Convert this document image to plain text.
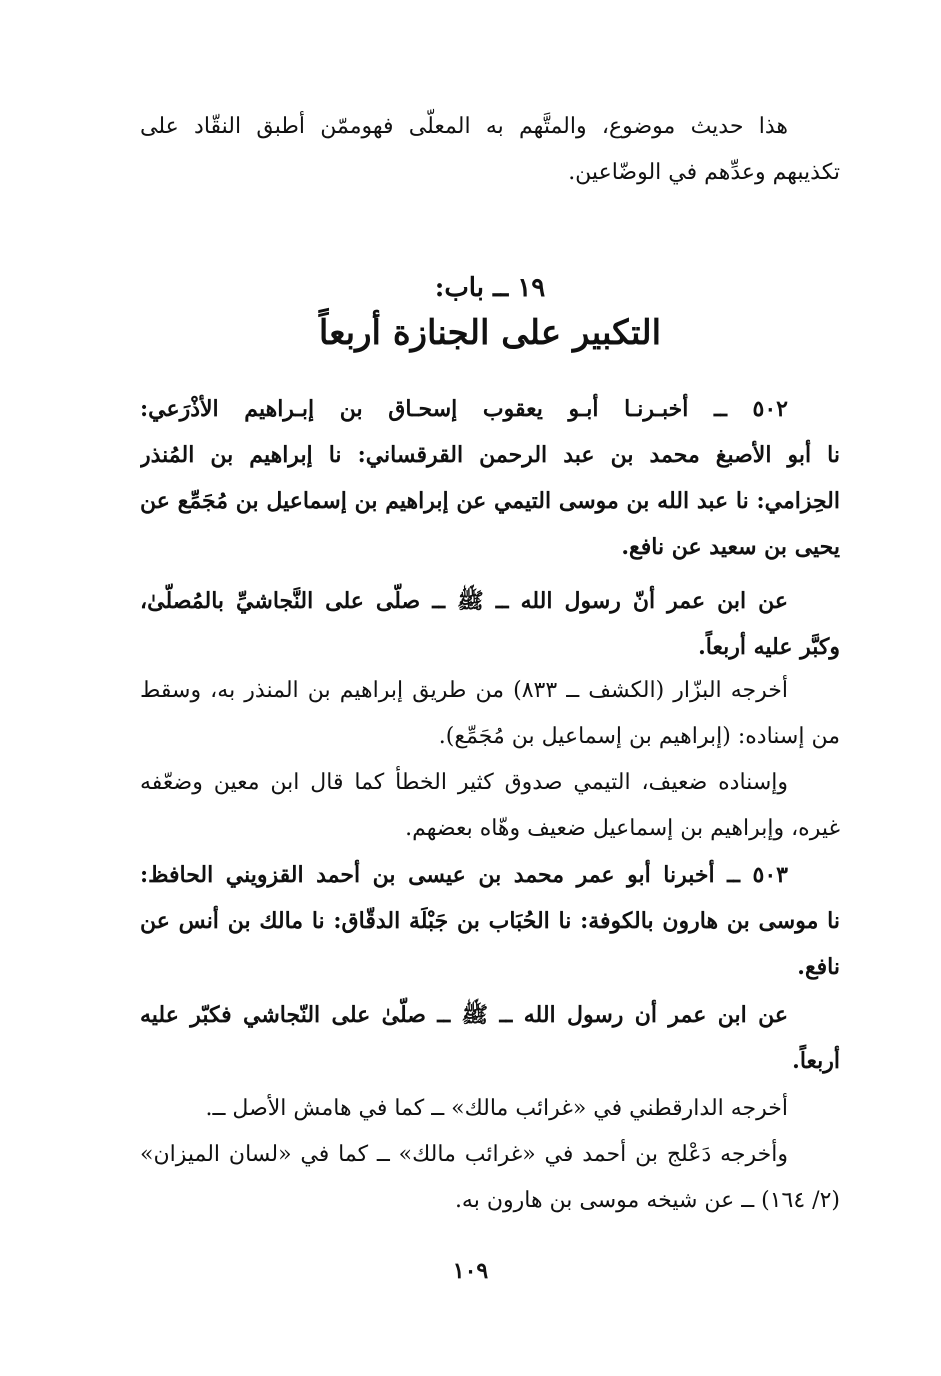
هذا حديث موضوع، والمتَّهم به المعلّى فهوممّن أطبق النقّاد على
تكذيبهم وعدِّهم في الوضّاعين.
١٩ ــ باب:
التكبير على الجنازة أربعاً
٥٠٢ ــ أخبـرنـا أبـو يعقوب إسحـاق بن إبـراهيم الأذْرَعي:
نا أبو الأصبغ محمد بن عبد الرحمن القرقساني: نا إبراهيم بن المُنذر
الحِزامي: نا عبد الله بن موسى التيمي عن إبراهيم بن إسماعيل بن مُجَمِّع عن
يحيى بن سعيد عن نافع.
عن ابن عمر أنّ رسول الله ــ ﷺ ــ صلّى على النَّجاشيِّ بالمُصلّىٰ،
وكبَّر عليه أربعاً.
أخرجه البزّار (الكشف ــ ٨٣٣) من طريق إبراهيم بن المنذر به، وسقط
من إسناده: (إبراهيم بن إسماعيل بن مُجَمِّع).
وإسناده ضعيف، التيمي صدوق كثير الخطأ كما قال ابن معين وضعّفه
غيره، وإبراهيم بن إسماعيل ضعيف وهّاه بعضهم.
٥٠٣ ــ أخبرنا أبو عمر محمد بن عيسى بن أحمد القزويني الحافظ:
نا موسى بن هارون بالكوفة: نا الحُبَاب بن جَبْلَة الدقّاق: نا مالك بن أنس عن
نافع.
عن ابن عمر أن رسول الله ــ ﷺ ــ صلّىٰ على النّجاشي فكبّر عليه
أربعاً.
أخرجه الدارقطني في «غرائب مالك» ــ كما في هامش الأصل ــ.
وأخرجه دَعْلج بن أحمد في «غرائب مالك» ــ كما في «لسان الميزان»
(٢/ ١٦٤) ــ عن شيخه موسى بن هارون به.
١٠٩
